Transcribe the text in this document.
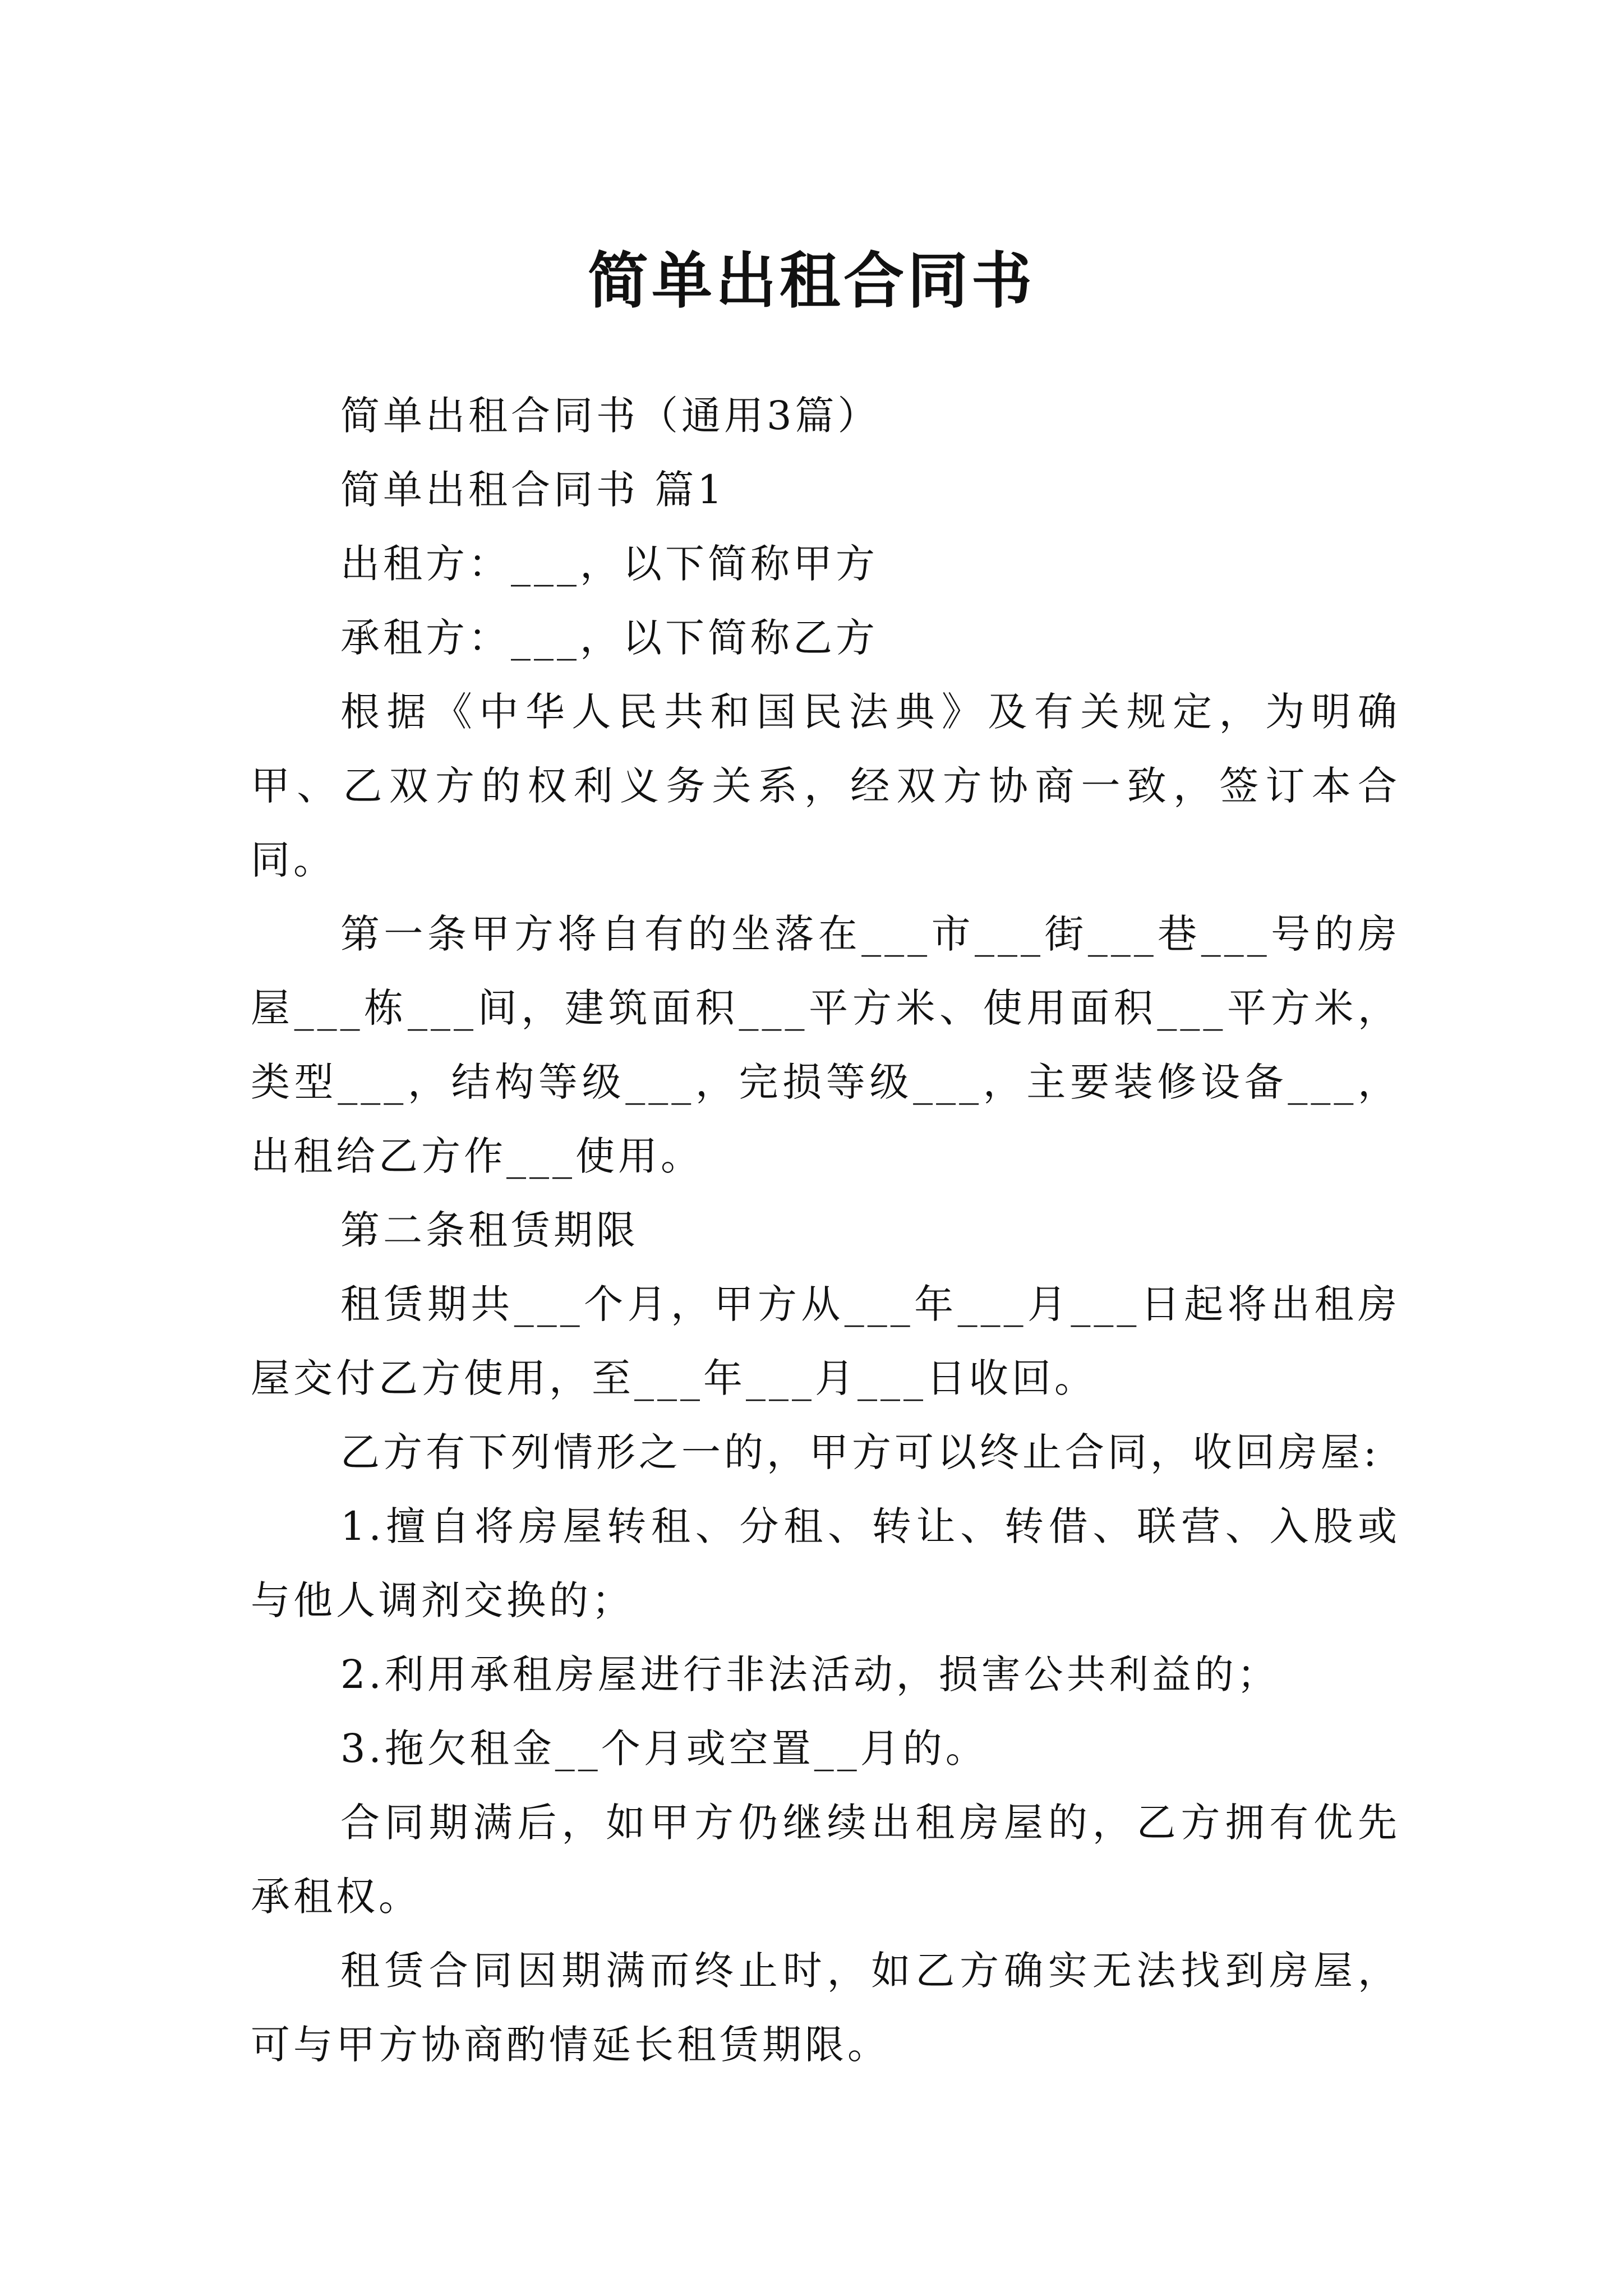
简单出租合同书

简单出租合同书（通用3篇）

简单出租合同书 篇1

出租方：___，以下简称甲方

承租方：___，以下简称乙方

根据《中华人民共和国民法典》及有关规定，为明确甲、乙双方的权利义务关系，经双方协商一致，签订本合同。

第一条甲方将自有的坐落在___市___街___巷___号的房屋___栋___间，建筑面积___平方米、使用面积___平方米，类型___，结构等级___，完损等级___，主要装修设备___，出租给乙方作___使用。

第二条租赁期限

租赁期共___个月，甲方从___年___月___日起将出租房屋交付乙方使用，至___年___月___日收回。

乙方有下列情形之一的，甲方可以终止合同，收回房屋:

1.擅自将房屋转租、分租、转让、转借、联营、入股或与他人调剂交换的；

2.利用承租房屋进行非法活动，损害公共利益的；

3.拖欠租金__个月或空置__月的。

合同期满后，如甲方仍继续出租房屋的，乙方拥有优先承租权。

租赁合同因期满而终止时，如乙方确实无法找到房屋，可与甲方协商酌情延长租赁期限。
